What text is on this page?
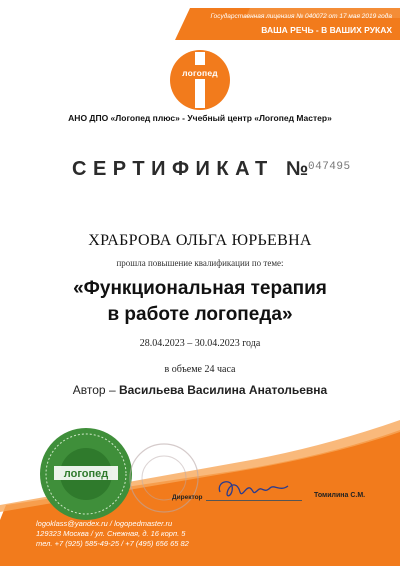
Государственная лицензия № 040072 от 17 мая 2019 года
ВАША РЕЧЬ - В ВАШИХ РУКАХ
логопед
АНО ДПО «Логопед плюс» - Учебный центр «Логопед Мастер»
СЕРТИФИКАТ №
047495
ХРАБРОВА ОЛЬГА ЮРЬЕВНА
прошла повышение квалификации по теме:
«Функциональная терапия
в работе логопеда»
28.04.2023 – 30.04.2023 года
в объеме 24 часа
Автор – Васильева Василина Анатольевна
логопед
Директор	Томилина С.М.
logoklass@yandex.ru / logopedmaster.ru
129323 Москва / ул. Снежная, д. 16 корп. 5
тел. +7 (925) 585-49-25 / +7 (495) 656 65 82
